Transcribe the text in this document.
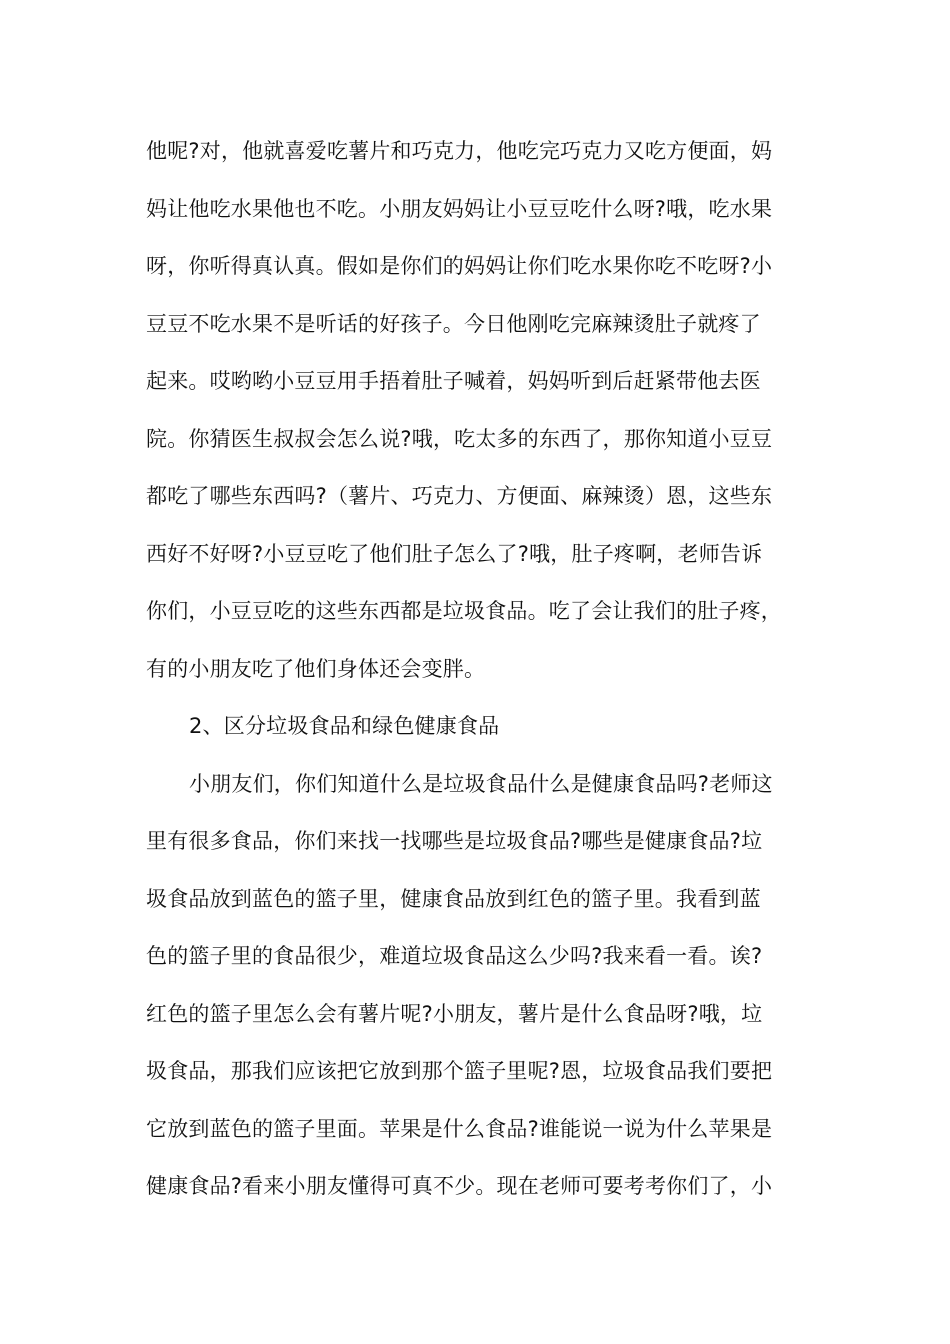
他呢?对，他就喜爱吃薯片和巧克力，他吃完巧克力又吃方便面，妈
妈让他吃水果他也不吃。小朋友妈妈让小豆豆吃什么呀?哦，吃水果
呀，你听得真认真。假如是你们的妈妈让你们吃水果你吃不吃呀?小
豆豆不吃水果不是听话的好孩子。今日他刚吃完麻辣烫肚子就疼了
起来。哎哟哟小豆豆用手捂着肚子喊着，妈妈听到后赶紧带他去医
院。你猜医生叔叔会怎么说?哦，吃太多的东西了，那你知道小豆豆
都吃了哪些东西吗?（薯片、巧克力、方便面、麻辣烫）恩，这些东
西好不好呀?小豆豆吃了他们肚子怎么了?哦，肚子疼啊，老师告诉
你们，小豆豆吃的这些东西都是垃圾食品。吃了会让我们的肚子疼，
有的小朋友吃了他们身体还会变胖。
2、区分垃圾食品和绿色健康食品
小朋友们，你们知道什么是垃圾食品什么是健康食品吗?老师这
里有很多食品，你们来找一找哪些是垃圾食品?哪些是健康食品?垃
圾食品放到蓝色的篮子里，健康食品放到红色的篮子里。我看到蓝
色的篮子里的食品很少，难道垃圾食品这么少吗?我来看一看。诶?
红色的篮子里怎么会有薯片呢?小朋友，薯片是什么食品呀?哦，垃
圾食品，那我们应该把它放到那个篮子里呢?恩，垃圾食品我们要把
它放到蓝色的篮子里面。苹果是什么食品?谁能说一说为什么苹果是
健康食品?看来小朋友懂得可真不少。现在老师可要考考你们了，小
